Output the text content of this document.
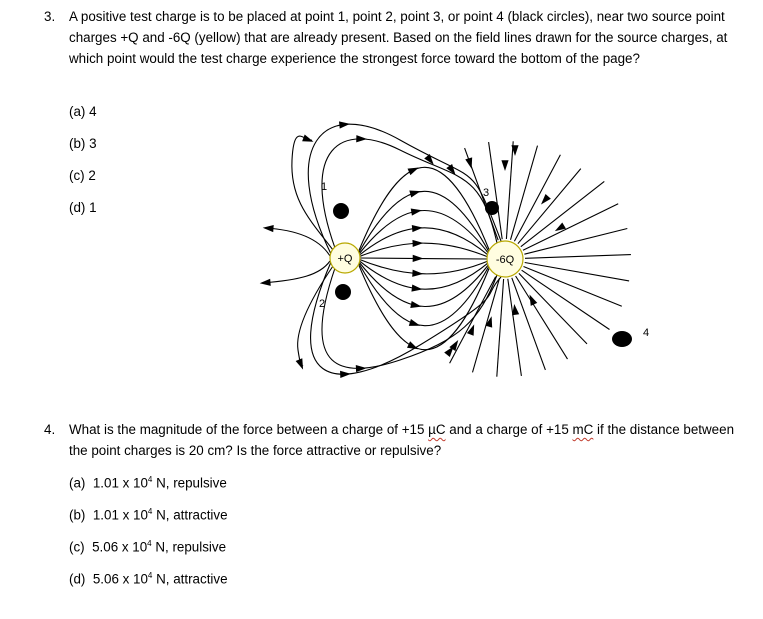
3. A positive test charge is to be placed at point 1, point 2, point 3, or point 4 (black circles), near two source point charges +Q and -6Q (yellow) that are already present. Based on the field lines drawn for the source charges, at which point would the test charge experience the strongest force toward the bottom of the page?
(a) 4
(b) 3
(c) 2
(d) 1
+Q	-6Q
1
2
3
4
4. What is the magnitude of the force between a charge of +15 µC and a charge of +15 mC if the distance between the point charges is 20 cm? Is the force attractive or repulsive?
(a) 1.01 x $10^4$ N, repulsive
(b) 1.01 x $10^4$ N, attractive
(c) 5.06 x $10^4$ N, repulsive
(d) 5.06 x $10^4$ N, attractive
